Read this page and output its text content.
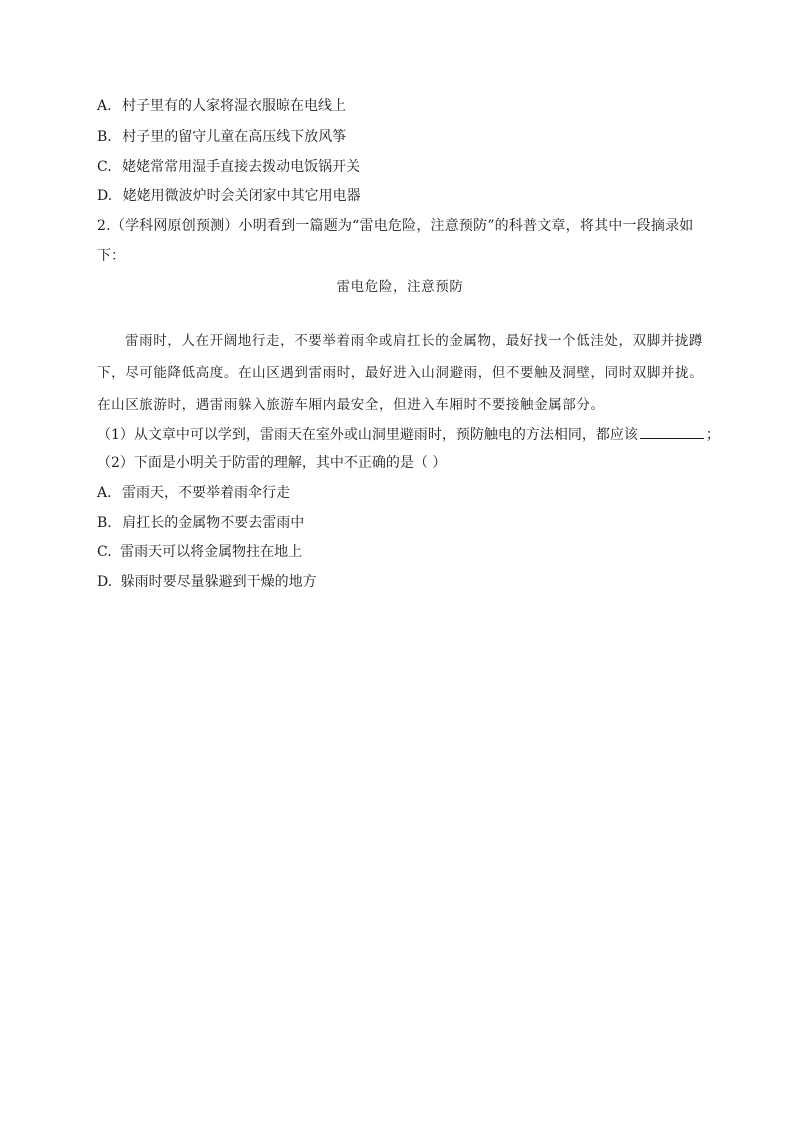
A. 村子里有的人家将湿衣服晾在电线上
B. 村子里的留守儿童在高压线下放风筝
C. 姥姥常常用湿手直接去拨动电饭锅开关
D. 姥姥用微波炉时会关闭家中其它用电器
2.（学科网原创预测）小明看到一篇题为“雷电危险，注意预防”的科普文章，将其中一段摘录如
下：
雷电危险，注意预防
雷雨时，人在开阔地行走，不要举着雨伞或肩扛长的金属物，最好找一个低洼处，双脚并拢蹲
下，尽可能降低高度。在山区遇到雷雨时，最好进入山洞避雨，但不要触及洞壁，同时双脚并拢。
在山区旅游时，遇雷雨躲入旅游车厢内最安全，但进入车厢时不要接触金属部分。
（1）从文章中可以学到，雷雨天在室外或山洞里避雨时，预防触电的方法相同，都应该	；
（2）下面是小明关于防雷的理解，其中不正确的是（ ）
A. 雷雨天，不要举着雨伞行走
B. 肩扛长的金属物不要去雷雨中
C. 雷雨天可以将金属物拄在地上
D. 躲雨时要尽量躲避到干燥的地方
